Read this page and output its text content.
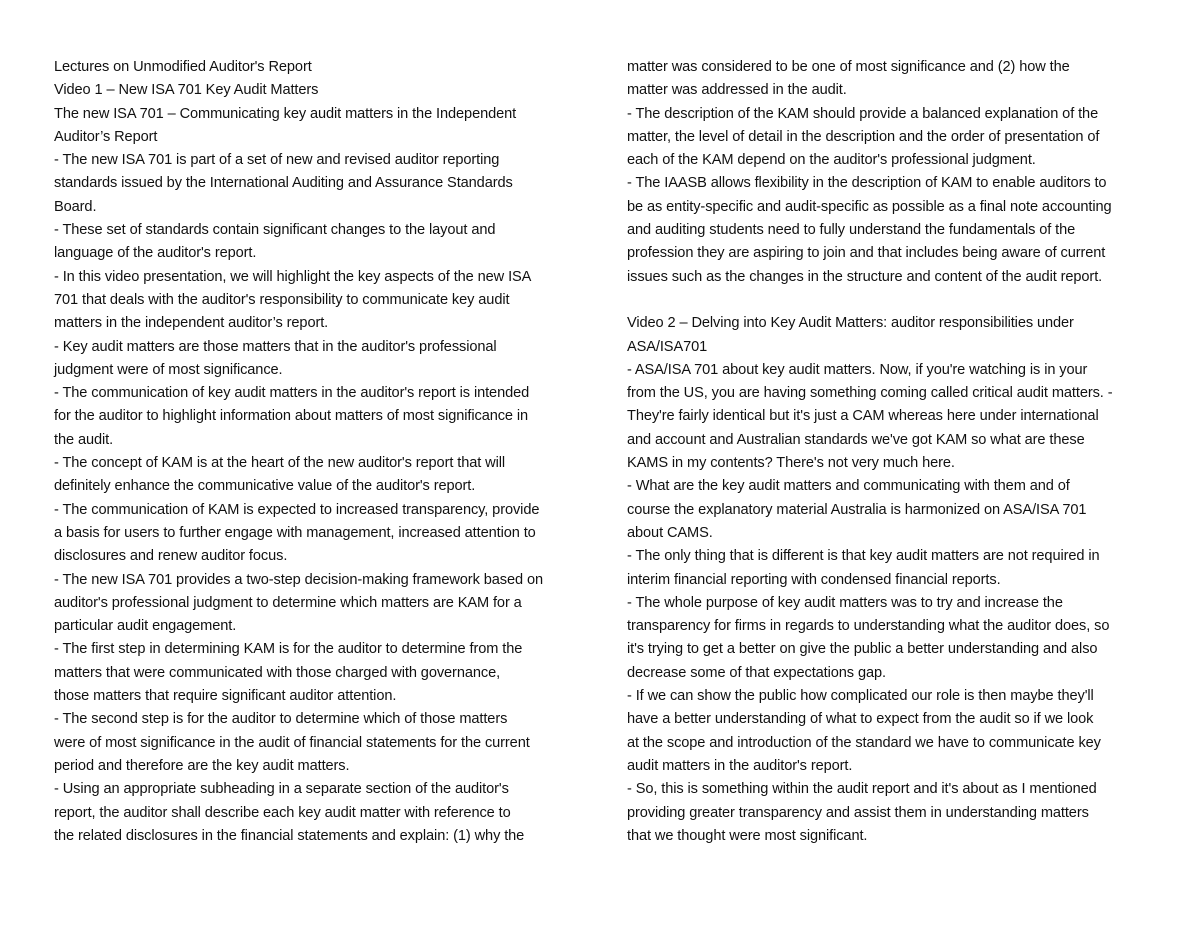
Lectures on Unmodified Auditor's Report
Video 1 – New ISA 701 Key Audit Matters
The new ISA 701 – Communicating key audit matters in the Independent
Auditor’s Report
- The new ISA 701 is part of a set of new and revised auditor reporting
standards issued by the International Auditing and Assurance Standards
Board.
- These set of standards contain significant changes to the layout and
language of the auditor's report.
- In this video presentation, we will highlight the key aspects of the new ISA
701 that deals with the auditor's responsibility to communicate key audit
matters in the independent auditor’s report.
- Key audit matters are those matters that in the auditor's professional
judgment were of most significance.
- The communication of key audit matters in the auditor's report is intended
for the auditor to highlight information about matters of most significance in
the audit.
- The concept of KAM is at the heart of the new auditor's report that will
definitely enhance the communicative value of the auditor's report.
- The communication of KAM is expected to increased transparency, provide
a basis for users to further engage with management, increased attention to
disclosures and renew auditor focus.
- The new ISA 701 provides a two-step decision-making framework based on
auditor's professional judgment to determine which matters are KAM for a
particular audit engagement.
- The first step in determining KAM is for the auditor to determine from the
matters that were communicated with those charged with governance,
those matters that require significant auditor attention.
- The second step is for the auditor to determine which of those matters
were of most significance in the audit of financial statements for the current
period and therefore are the key audit matters.
- Using an appropriate subheading in a separate section of the auditor's
report, the auditor shall describe each key audit matter with reference to
the related disclosures in the financial statements and explain: (1) why the
matter was considered to be one of most significance and (2) how the
matter was addressed in the audit.
- The description of the KAM should provide a balanced explanation of the
matter, the level of detail in the description and the order of presentation of
each of the KAM depend on the auditor's professional judgment.
- The IAASB allows flexibility in the description of KAM to enable auditors to
be as entity-specific and audit-specific as possible as a final note accounting
and auditing students need to fully understand the fundamentals of the
profession they are aspiring to join and that includes being aware of current
issues such as the changes in the structure and content of the audit report.
Video 2 – Delving into Key Audit Matters: auditor responsibilities under
ASA/ISA701
- ASA/ISA 701 about key audit matters. Now, if you're watching is in your
from the US, you are having something coming called critical audit matters. -
They're fairly identical but it's just a CAM whereas here under international
and account and Australian standards we've got KAM so what are these
KAMS in my contents? There's not very much here.
- What are the key audit matters and communicating with them and of
course the explanatory material Australia is harmonized on ASA/ISA 701
about CAMS.
- The only thing that is different is that key audit matters are not required in
interim financial reporting with condensed financial reports.
- The whole purpose of key audit matters was to try and increase the
transparency for firms in regards to understanding what the auditor does, so
it's trying to get a better on give the public a better understanding and also
decrease some of that expectations gap.
- If we can show the public how complicated our role is then maybe they'll
have a better understanding of what to expect from the audit so if we look
at the scope and introduction of the standard we have to communicate key
audit matters in the auditor's report.
- So, this is something within the audit report and it's about as I mentioned
providing greater transparency and assist them in understanding matters
that we thought were most significant.
